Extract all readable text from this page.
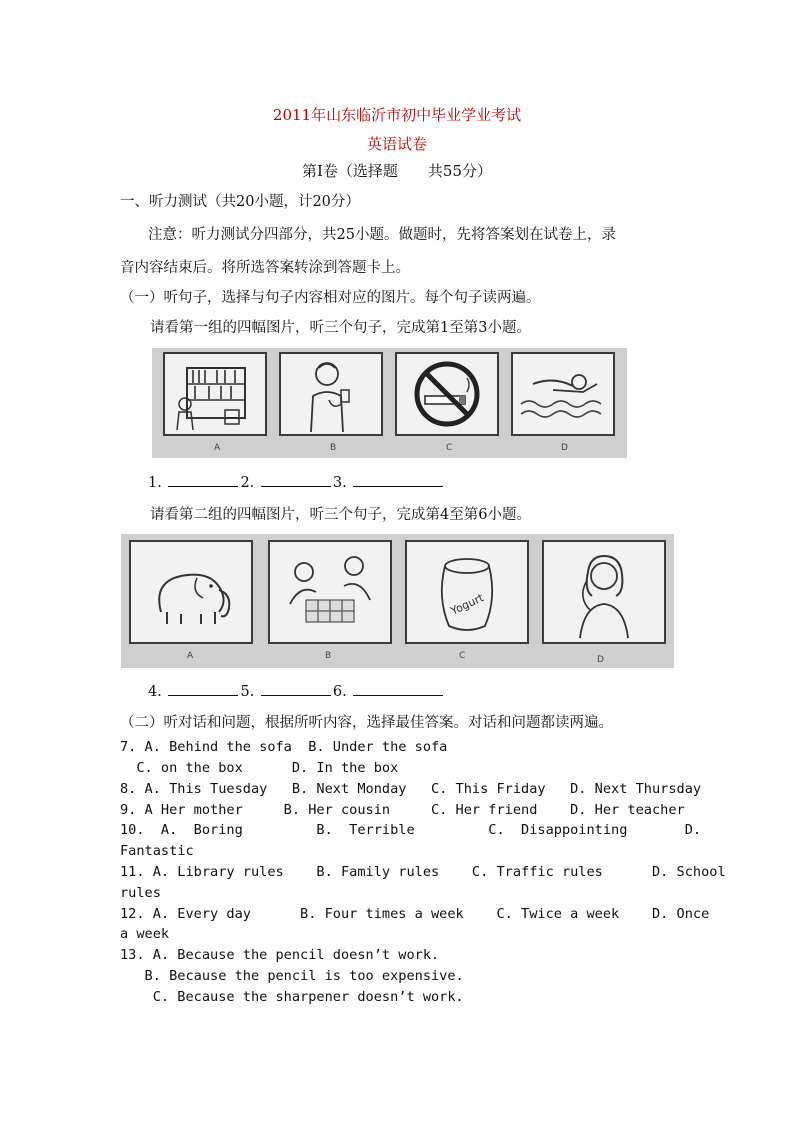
2011年山东临沂市初中毕业学业考试
英语试卷
第Ⅰ卷（选择题　　共55分）
一、听力测试（共20小题，计20分）
注意：听力测试分四部分，共25小题。做题时，先将答案划在试卷上，录
音内容结束后。将所选答案转涂到答题卡上。
（一）听句子，选择与句子内容相对应的图片。每个句子读两遍。
请看第一组的四幅图片，听三个句子，完成第1至第3小题。
A	B	C	D
1.	2.	3.
请看第二组的四幅图片，听三个句子，完成第4至第6小题。
A	B
Yogurt
C	D
4.	5.	6.
（二）听对话和问题，根据所听内容，选择最佳答案。对话和问题都读两遍。
7. A. Behind the sofa  B. Under the sofa
C. on the box      D. In the box
8. A. This Tuesday   B. Next Monday   C. This Friday   D. Next Thursday
9. A Her mother     B. Her cousin     C. Her friend    D. Her teacher
10.  A.  Boring         B.  Terrible         C.  Disappointing       D.
Fantastic
11. A. Library rules    B. Family rules    C. Traffic rules      D. School
rules
12. A. Every day      B. Four times a week    C. Twice a week    D. Once
a week
13. A. Because the pencil doesn’t work.
B. Because the pencil is too expensive.
C. Because the sharpener doesn’t work.
